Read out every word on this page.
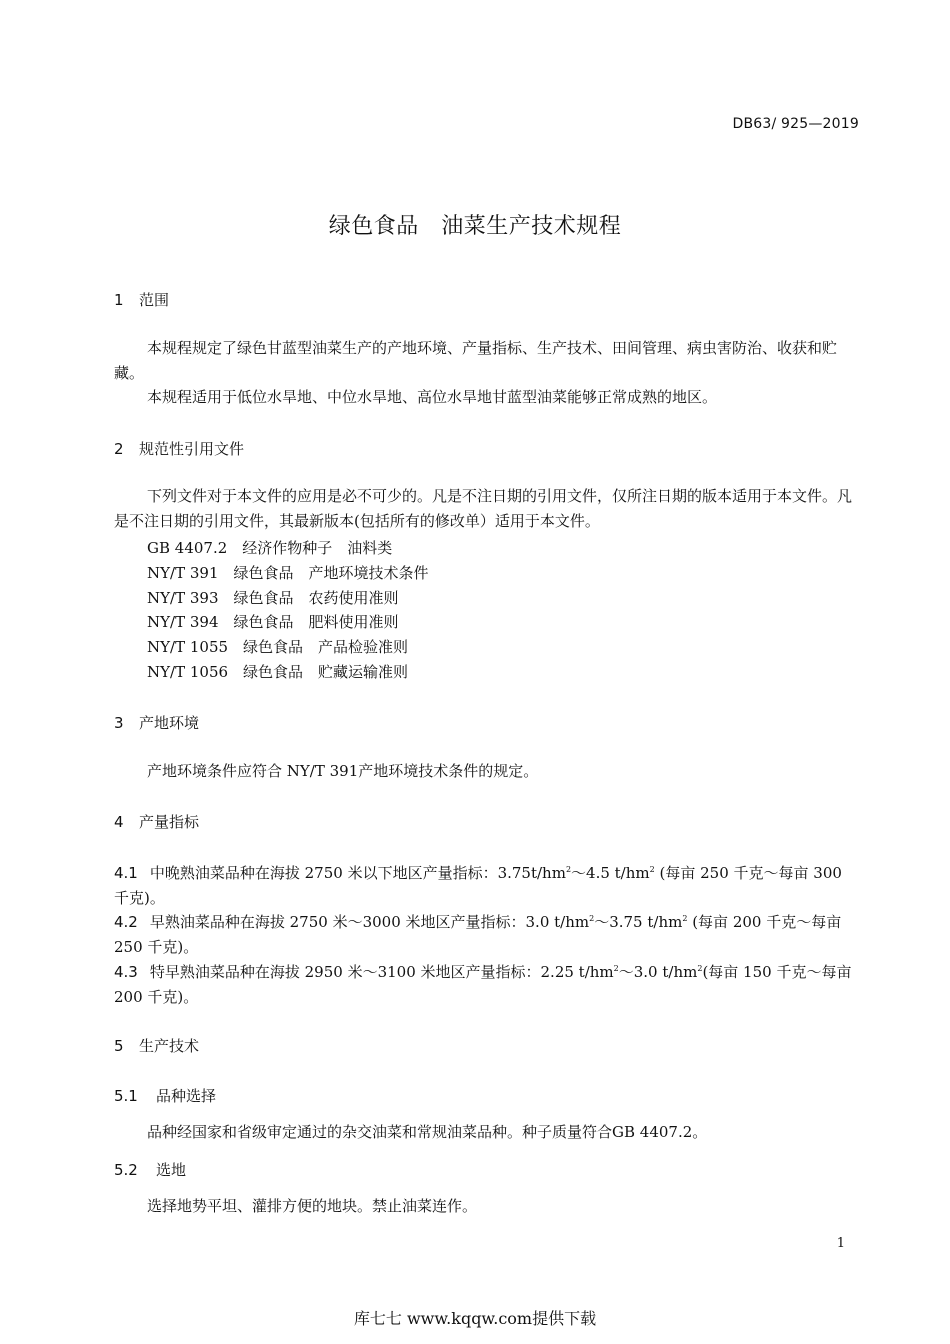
DB63/ 925—2019
绿色食品　油菜生产技术规程
1 范围

本规程规定了绿色甘蓝型油菜生产的产地环境、产量指标、生产技术、田间管理、病虫害防治、收获和贮藏。

本规程适用于低位水旱地、中位水旱地、高位水旱地甘蓝型油菜能够正常成熟的地区。

2 规范性引用文件

下列文件对于本文件的应用是必不可少的。凡是不注日期的引用文件，仅所注日期的版本适用于本文件。凡是不注日期的引用文件，其最新版本(包括所有的修改单）适用于本文件。

GB 4407.2　经济作物种子　油料类

NY/T 391　绿色食品　产地环境技术条件

NY/T 393　绿色食品　农药使用准则

NY/T 394　绿色食品　肥料使用准则

NY/T 1055　绿色食品　产品检验准则

NY/T 1056　绿色食品　贮藏运输准则

3 产地环境

产地环境条件应符合 NY/T 391产地环境技术条件的规定。

4 产量指标

4.1 中晚熟油菜品种在海拔 2750 米以下地区产量指标：$3.75t/hm^2\sim 4.5$ $t/hm^2$ (每亩 250 千克～每亩 300 千克)。

4.2 早熟油菜品种在海拔 2750 米～3000 米地区产量指标：3.0 $t/hm^2\sim 3.75$ $t/hm^2$ (每亩 200 千克～每亩 250 千克)。

4.3 特早熟油菜品种在海拔 2950 米～3100 米地区产量指标：2.25 $t/hm^2\sim 3.0$ $t/hm^2$(每亩 150 千克～每亩 200 千克)。

5 生产技术
5.1 品种选择

品种经国家和省级审定通过的杂交油菜和常规油菜品种。种子质量符合GB 4407.2。

5.2 选地

选择地势平坦、灌排方便的地块。禁止油菜连作。

1
库七七 www.kqqw.com提供下载
